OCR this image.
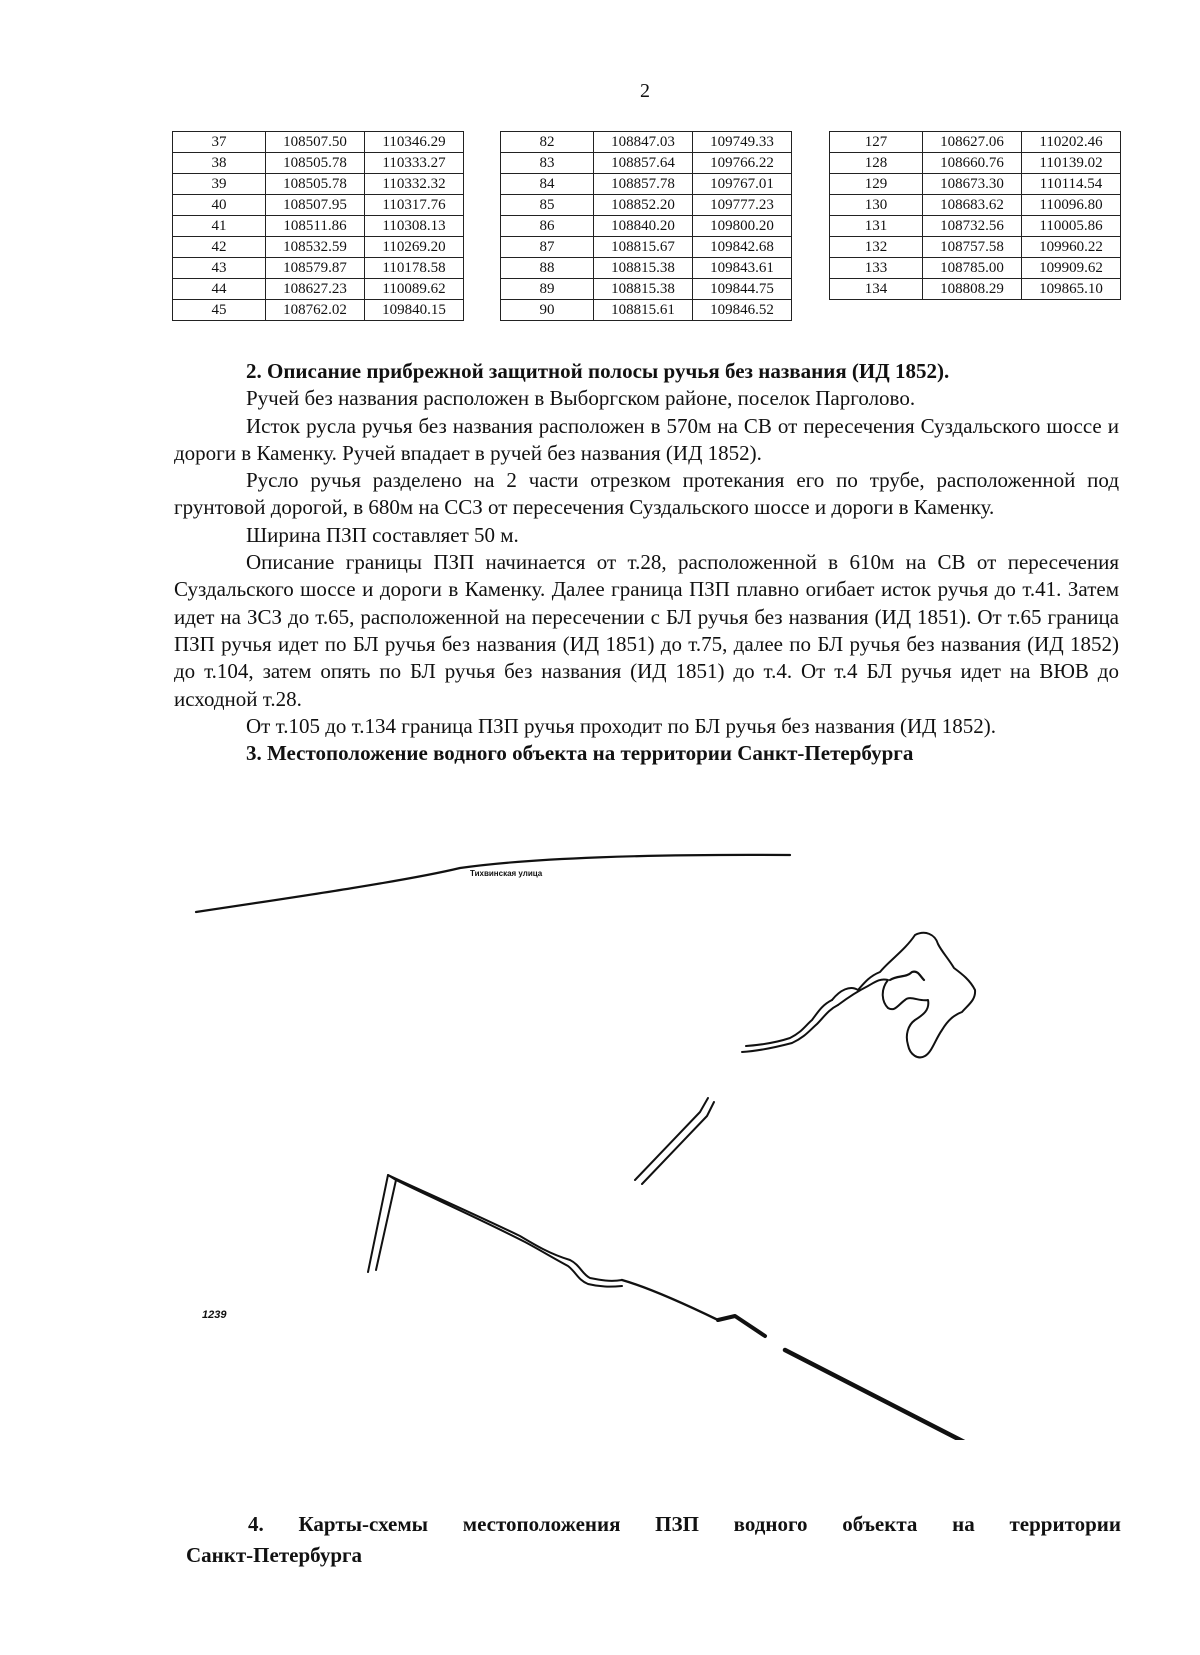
2
37	108507.50	110346.29
38	108505.78	110333.27
39	108505.78	110332.32
40	108507.95	110317.76
41	108511.86	110308.13
42	108532.59	110269.20
43	108579.87	110178.58
44	108627.23	110089.62
45	108762.02	109840.15
82	108847.03	109749.33
83	108857.64	109766.22
84	108857.78	109767.01
85	108852.20	109777.23
86	108840.20	109800.20
87	108815.67	109842.68
88	108815.38	109843.61
89	108815.38	109844.75
90	108815.61	109846.52
127	108627.06	110202.46
128	108660.76	110139.02
129	108673.30	110114.54
130	108683.62	110096.80
131	108732.56	110005.86
132	108757.58	109960.22
133	108785.00	109909.62
134	108808.29	109865.10

2. Описание прибрежной защитной полосы ручья без названия (ИД 1852).

Ручей без названия расположен в Выборгском районе, поселок Парголово.

Исток русла ручья без названия расположен в 570м на СВ от пересечения Суздальского шоссе и дороги в Каменку. Ручей впадает в ручей без названия (ИД 1852).

Русло ручья разделено на 2 части отрезком протекания его по трубе, расположенной под грунтовой дорогой, в 680м на ССЗ от пересечения Суздальского шоссе и дороги в Каменку.

Ширина ПЗП составляет 50 м.

Описание границы ПЗП начинается от т.28, расположенной в 610м на СВ от пересечения Суздальского шоссе и дороги в Каменку. Далее граница ПЗП плавно огибает исток ручья до т.41. Затем идет на ЗСЗ до т.65, расположенной на пересечении с БЛ ручья без названия (ИД 1851). От т.65 граница ПЗП ручья идет по БЛ ручья без названия (ИД 1851) до т.75, далее по БЛ ручья без названия (ИД 1852) до т.104, затем опять по БЛ ручья без названия (ИД 1851) до т.4. От т.4 БЛ ручья идет на ВЮВ до исходной т.28.

От т.105 до т.134 граница ПЗП ручья проходит по БЛ ручья без названия (ИД 1852).

3. Местоположение водного объекта на территории Санкт-Петербурга

Тихвинская улица
1239

4. Карты-схемы местоположения ПЗП водного объекта на территории

Санкт-Петербурга
